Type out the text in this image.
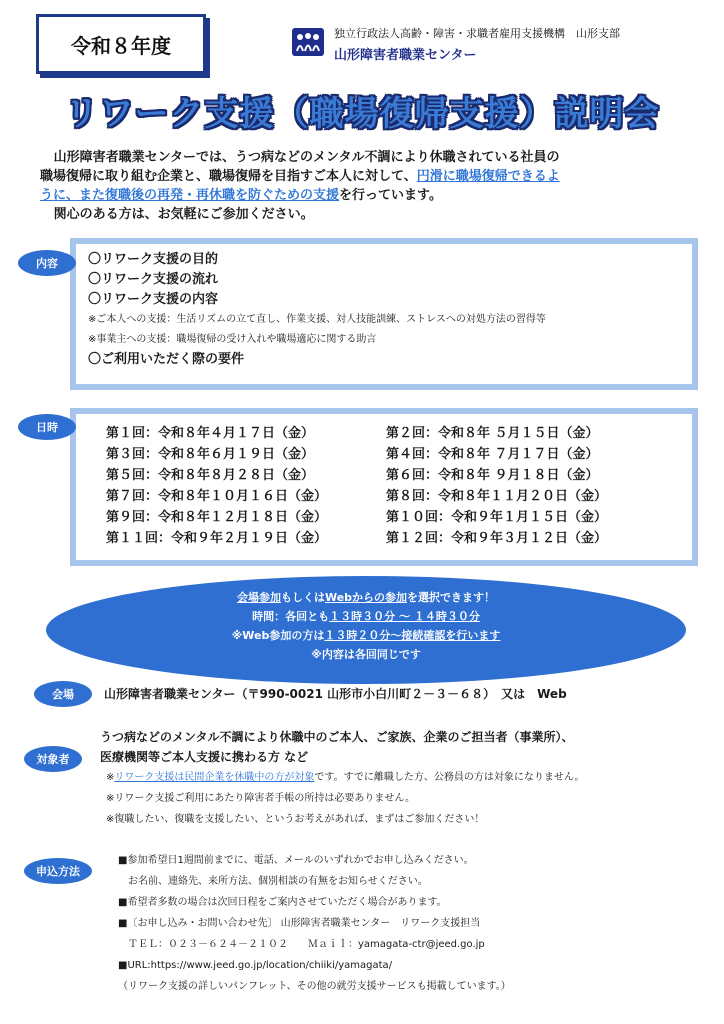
令和８年度	独立行政法人高齢・障害・求職者雇用支援機構　山形支部
山形障害者職業センター
リワーク支援（職場復帰支援）説明会

山形障害者職業センターでは、うつ病などのメンタル不調により休職されている社員の

職場復帰に取り組む企業と、職場復帰を目指すご本人に対して、円滑に職場復帰できるよ

うに、また復職後の再発・再休職を防ぐための支援を行っています。

関心のある方は、お気軽にご参加ください。

〇リワーク支援の目的
〇リワーク支援の流れ
〇リワーク支援の内容
※ご本人への支援：生活リズムの立て直し、作業支援、対人技能訓練、ストレスへの対処方法の習得等
※事業主への支援：職場復帰の受け入れや職場適応に関する助言
〇ご利用いただく際の要件
内容
第１回：令和８年４月１７日（金）	第２回：令和８年 ５月１５日（金）
第３回：令和８年６月１９日（金）	第４回：令和８年 ７月１７日（金）
第５回：令和８年８月２８日（金）	第６回：令和８年 ９月１８日（金）
第７回：令和８年１０月１６日（金）	第８回：令和８年１１月２０日（金）
第９回：令和８年１２月１８日（金）	第１０回：令和９年１月１５日（金）
第１１回：令和９年２月１９日（金）	第１２回：令和９年３月１２日（金）
日時
会場参加もしくはWebからの参加を選択できます！
時間：各回とも１３時３０分 ～ １４時３０分
※Web参加の方は１３時２０分～接続確認を行います
※内容は各回同じです
会場	山形障害者職業センター（〒990-0021 山形市小白川町２－３－６８）　又は　Web
対象者
うつ病などのメンタル不調により休職中のご本人、ご家族、企業のご担当者（事業所）、
医療機関等ご本人支援に携わる方 など
※リワーク支援は民間企業を休職中の方が対象です。すでに離職した方、公務員の方は対象になりません。
※リワーク支援ご利用にあたり障害者手帳の所持は必要ありません。
※復職したい、復職を支援したい、というお考えがあれば、まずはご参加ください！
申込方法
■参加希望日1週間前までに、電話、メールのいずれかでお申し込みください。
　お名前、連絡先、来所方法、個別相談の有無をお知らせください。
■希望者多数の場合は次回日程をご案内させていただく場合があります。
■〔お申し込み・お問い合わせ先〕 山形障害者職業センター　リワーク支援担当
　ＴＥＬ：０２３－６２４－２１０２　　Ｍａｉｌ：yamagata-ctr@jeed.go.jp
■URL:https://www.jeed.go.jp/location/chiiki/yamagata/
（リワーク支援の詳しいパンフレット、その他の就労支援サービスも掲載しています。）
